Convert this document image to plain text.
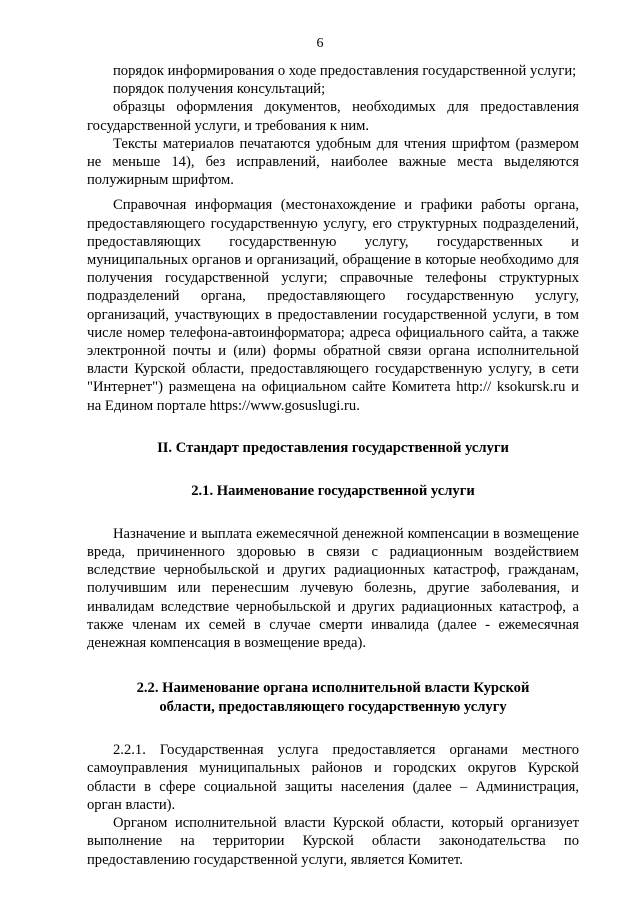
6

порядок информирования о ходе предоставления государственной услуги;

порядок получения консультаций;

образцы оформления документов, необходимых для предоставления государственной услуги, и требования к ним.

Тексты материалов печатаются удобным для чтения шрифтом (размером не меньше 14), без исправлений, наиболее важные места выделяются полужирным шрифтом.

Справочная информация (местонахождение и графики работы органа, предоставляющего государственную услугу, его структурных подразделений, предоставляющих государственную услугу, государственных и муниципальных органов и организаций, обращение в которые необходимо для получения государственной услуги; справочные телефоны структурных подразделений органа, предоставляющего государственную услугу, организаций, участвующих в предоставлении государственной услуги, в том числе номер телефона-автоинформатора; адреса официального сайта, а также электронной почты и (или) формы обратной связи органа исполнительной власти Курской области, предоставляющего государственную услугу, в сети "Интернет") размещена на официальном сайте Комитета http:// ksokursk.ru и на Едином портале https://www.gosuslugi.ru.

II. Стандарт предоставления государственной услуги
2.1. Наименование государственной услуги

Назначение и выплата ежемесячной денежной компенсации в возмещение вреда, причиненного здоровью в связи с радиационным воздействием вследствие чернобыльской и других радиационных катастроф, гражданам, получившим или перенесшим лучевую болезнь, другие заболевания, и инвалидам вследствие чернобыльской и других радиационных катастроф, а также членам их семей в случае смерти инвалида (далее - ежемесячная денежная компенсация в возмещение вреда).

2.2. Наименование органа исполнительной власти Курской
области, предоставляющего государственную услугу

2.2.1. Государственная услуга предоставляется органами местного самоуправления муниципальных районов и городских округов Курской области в сфере социальной защиты населения (далее – Администрация, орган власти).

Органом исполнительной власти Курской области, который организует выполнение на территории Курской области законодательства по предоставлению государственной услуги, является Комитет.
